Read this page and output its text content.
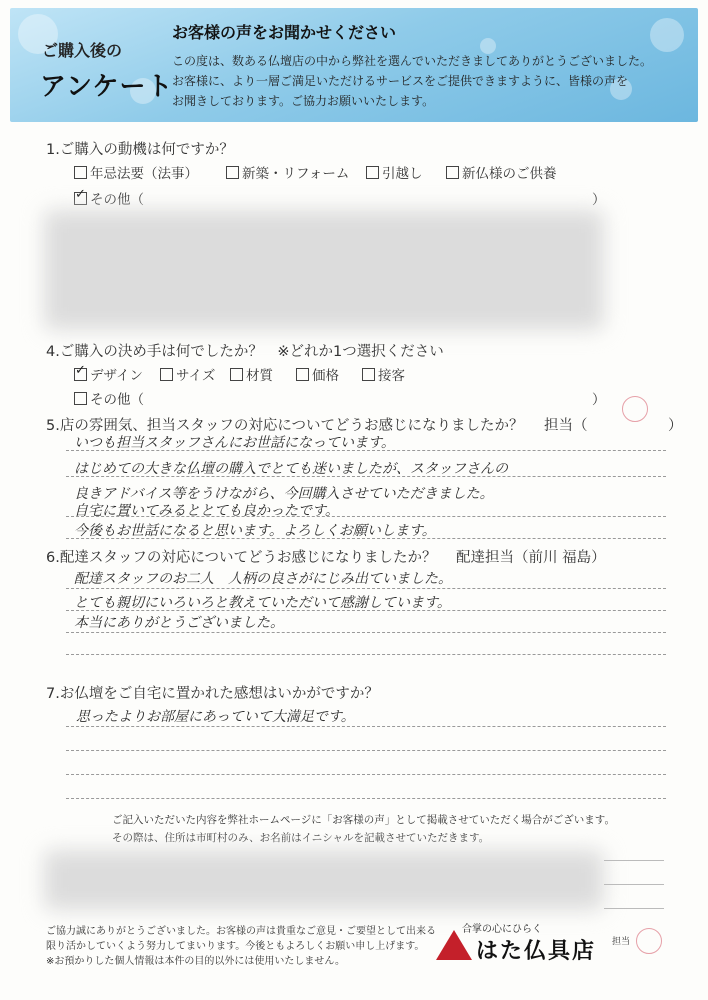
ご購入後の
アンケート
お客様の声をお聞かせください
この度は、数ある仏壇店の中から弊社を選んでいただきましてありがとうございました。
お客様に、より一層ご満足いただけるサービスをご提供できますように、皆様の声を
お聞きしております。ご協力お願いいたします。
1.ご購入の動機は何ですか？
年忌法要（法事）	新築・リフォーム	引越し	新仏様のご供養
✓その他（	）
4.ご購入の決め手は何でしたか？　※どれか1つ選択ください
✓デザイン	サイズ	材質	価格	接客
その他（	）
5.店の雰囲気、担当スタッフの対応についてどうお感じになりましたか？ 担当（	）
いつも担当スタッフさんにお世話になっています。
はじめての大きな仏壇の購入でとても迷いましたが、スタッフさんの
良きアドバイス等をうけながら、今回購入させていただきました。
自宅に置いてみるととても良かったです。
今後もお世話になると思います。よろしくお願いします。
6.配達スタッフの対応についてどうお感じになりましたか？ 配達担当（前川 福島）
配達スタッフのお二人　人柄の良さがにじみ出ていました。
とても親切にいろいろと教えていただいて感謝しています。
本当にありがとうございました。
7.お仏壇をご自宅に置かれた感想はいかがですか？
思ったよりお部屋にあっていて大満足です。
ご記入いただいた内容を弊社ホームページに「お客様の声」として掲載させていただく場合がございます。
その際は、住所は市町村のみ、お名前はイニシャルを記載させていただきます。
ご協力誠にありがとうございました。お客様の声は貴重なご意見・ご要望として出来る
限り活かしていくよう努力してまいります。今後ともよろしくお願い申し上げます。
※お預かりした個人情報は本件の目的以外には使用いたしません。
合掌の心にひらく
はた仏具店 担当
